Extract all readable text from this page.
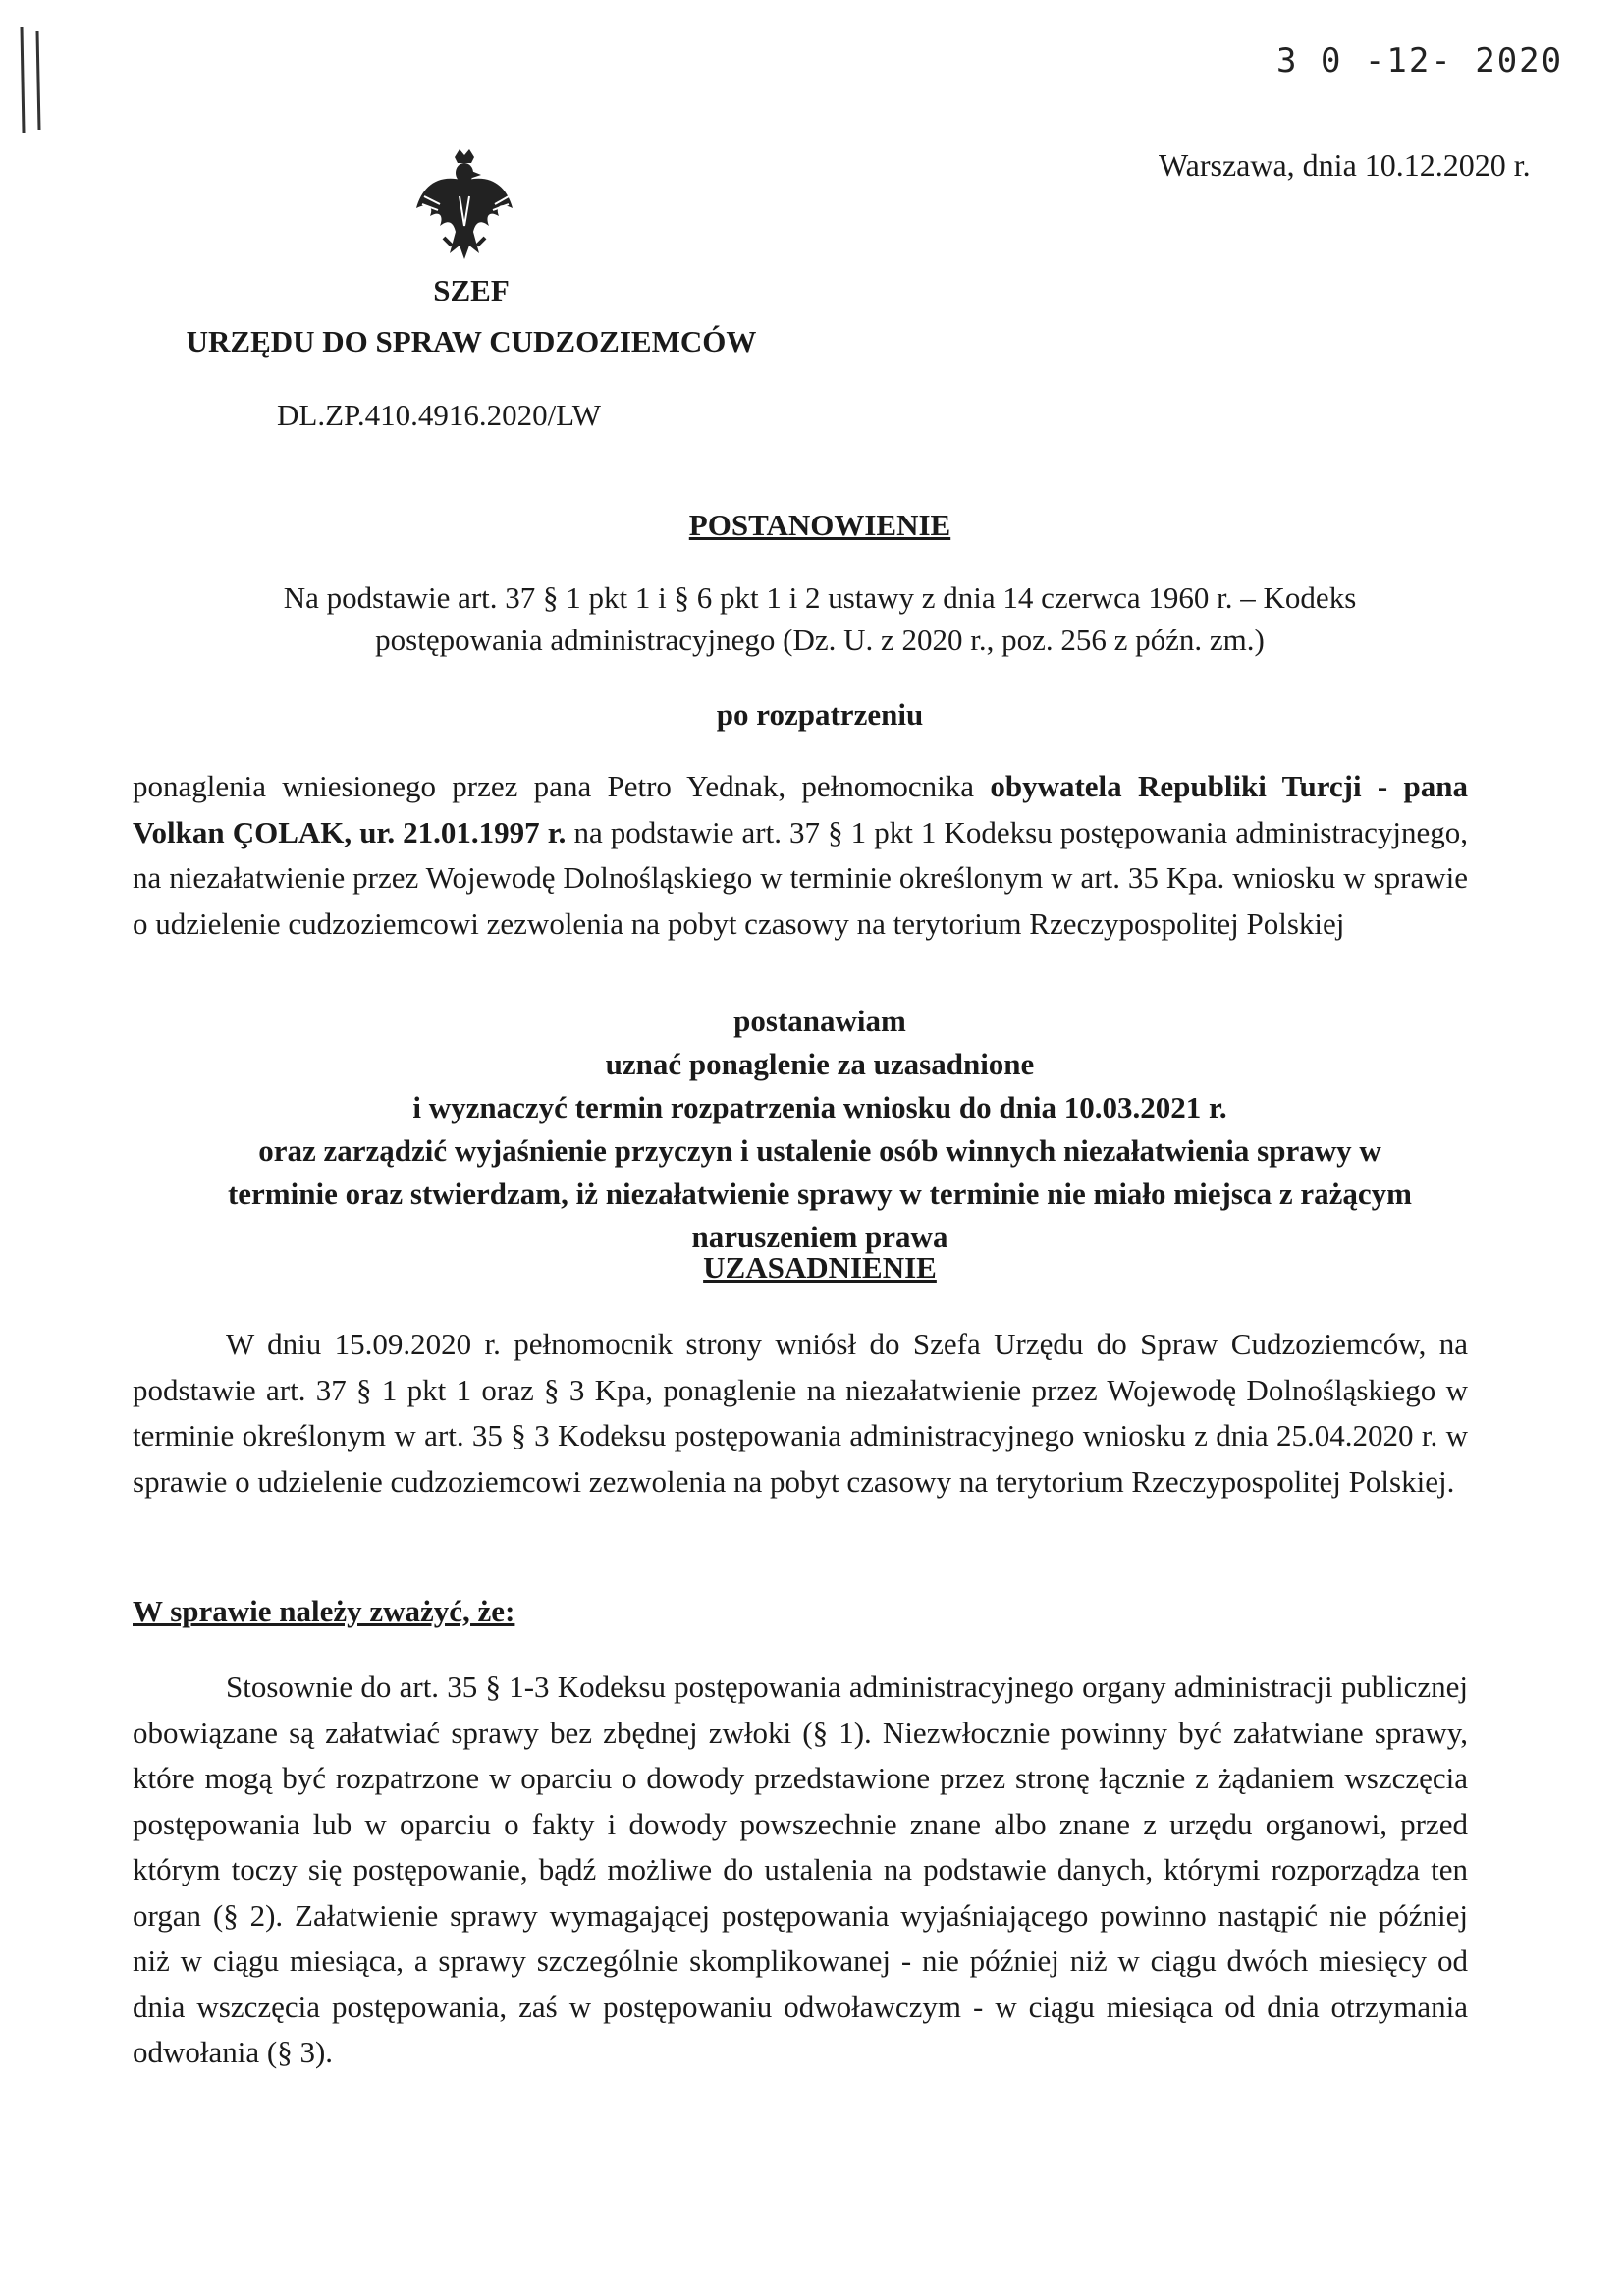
3 0 -12- 2020
Warszawa, dnia 10.12.2020 r.
SZEF
URZĘDU DO SPRAW CUDZOZIEMCÓW
DL.ZP.410.4916.2020/LW
POSTANOWIENIE
Na podstawie art. 37 § 1 pkt 1 i § 6 pkt 1 i 2 ustawy z dnia 14 czerwca 1960 r. – Kodeks
postępowania administracyjnego (Dz. U. z 2020 r., poz. 256 z późn. zm.)
po rozpatrzeniu
ponaglenia wniesionego przez pana Petro Yednak, pełnomocnika obywatela Republiki Turcji - pana Volkan ÇOLAK, ur. 21.01.1997 r. na podstawie art. 37 § 1 pkt 1 Kodeksu postępowania administracyjnego, na niezałatwienie przez Wojewodę Dolnośląskiego w terminie określonym w art. 35 Kpa. wniosku w sprawie o udzielenie cudzoziemcowi zezwolenia na pobyt czasowy na terytorium Rzeczypospolitej Polskiej
postanawiam
uznać ponaglenie za uzasadnione
i wyznaczyć termin rozpatrzenia wniosku do dnia 10.03.2021 r.
oraz zarządzić wyjaśnienie przyczyn i ustalenie osób winnych niezałatwienia sprawy w
terminie oraz stwierdzam, iż niezałatwienie sprawy w terminie nie miało miejsca z rażącym
naruszeniem prawa
UZASADNIENIE
W dniu 15.09.2020 r. pełnomocnik strony wniósł do Szefa Urzędu do Spraw Cudzoziemców, na podstawie art. 37 § 1 pkt 1 oraz § 3 Kpa, ponaglenie na niezałatwienie przez Wojewodę Dolnośląskiego w terminie określonym w art. 35 § 3 Kodeksu postępowania administracyjnego wniosku z dnia 25.04.2020 r. w sprawie o udzielenie cudzoziemcowi zezwolenia na pobyt czasowy na terytorium Rzeczypospolitej Polskiej.
W sprawie należy zważyć, że:
Stosownie do art. 35 § 1-3 Kodeksu postępowania administracyjnego organy administracji publicznej obowiązane są załatwiać sprawy bez zbędnej zwłoki (§ 1). Niezwłocznie powinny być załatwiane sprawy, które mogą być rozpatrzone w oparciu o dowody przedstawione przez stronę łącznie z żądaniem wszczęcia postępowania lub w oparciu o fakty i dowody powszechnie znane albo znane z urzędu organowi, przed którym toczy się postępowanie, bądź możliwe do ustalenia na podstawie danych, którymi rozporządza ten organ (§ 2). Załatwienie sprawy wymagającej postępowania wyjaśniającego powinno nastąpić nie później niż w ciągu miesiąca, a sprawy szczególnie skomplikowanej - nie później niż w ciągu dwóch miesięcy od dnia wszczęcia postępowania, zaś w postępowaniu odwoławczym - w ciągu miesiąca od dnia otrzymania odwołania (§ 3).
